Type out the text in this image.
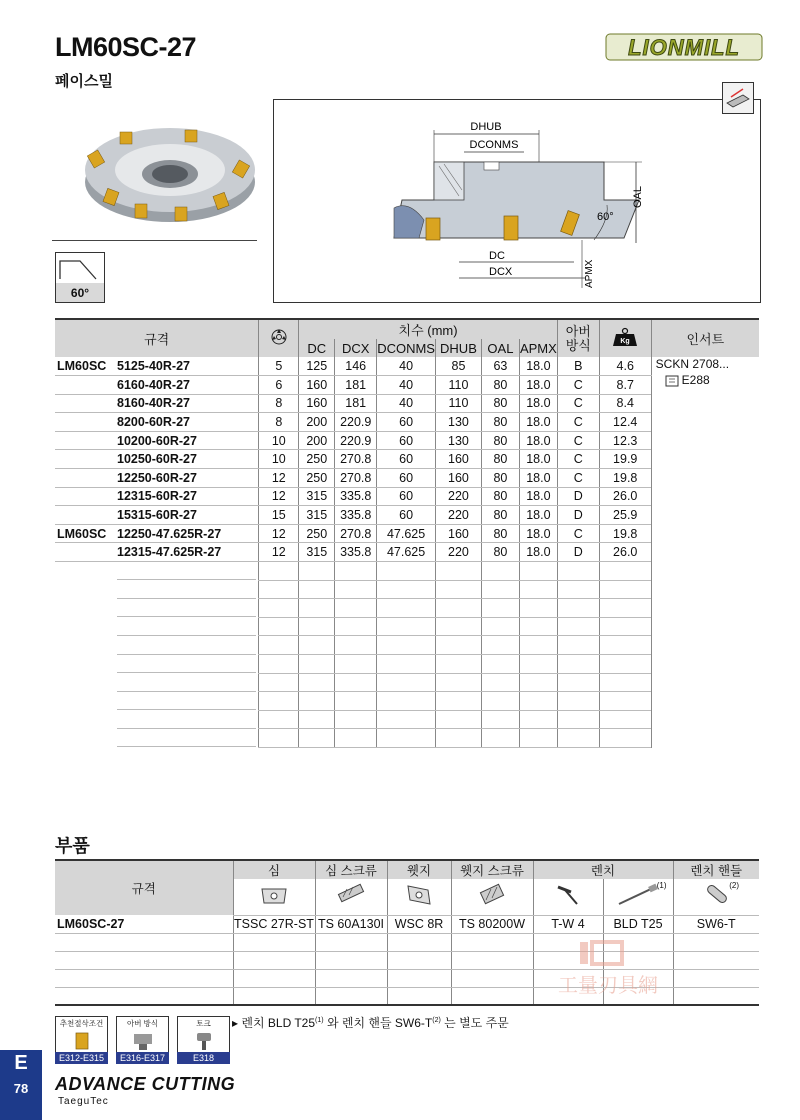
LM60SC-27
페이스밀
LIONMILL
60°
DHUB
DCONMS
OAL
60°
DC
DCX	APMX
규격		치수 (mm)						아버
방식	Kg	인서트
		DC	DCX	DCONMS	DHUB	OAL	APMX			
LM60SC 5125-40R-27	5	125	146	40	85	63	18.0	B	4.6	SCKN 2708...
E288

6160-40R-27	6	160	181	40	110	80	18.0	C	8.7	
8160-40R-27	8	160	181	40	110	80	18.0	C	8.4	
8200-60R-27	8	200	220.9	60	130	80	18.0	C	12.4	
10200-60R-27	10	200	220.9	60	130	80	18.0	C	12.3	
10250-60R-27	10	250	270.8	60	160	80	18.0	C	19.9	
12250-60R-27	12	250	270.8	60	160	80	18.0	C	19.8	
12315-60R-27	12	315	335.8	60	220	80	18.0	D	26.0	
15315-60R-27	15	315	335.8	60	220	80	18.0	D	25.9	
LM60SC 12250-47.625R-27	12	250	270.8	47.625	160	80	18.0	C	19.8	
12315-47.625R-27	12	315	335.8	47.625	220	80	18.0	D	26.0	

부품
규격	심	심 스크류	웻지	웻지 스크류	렌치		렌치 핸들

(1)	(2)

LM60SC-27	TSSC 27R-ST	TS 60A130I	WSC 8R	TS 80200W	T-W 4	BLD T25	SW6-T

▸ 렌치 BLD T25$^{(1)}$ 와 렌치 핸들 $SW6-T^{(2)}$ 는 별도 주문
工量刃具網
추천절삭조건
E312-E315
아버 방식
E316-E317
토크
E318
E
78	ADVANCE CUTTING
TaeguTec
